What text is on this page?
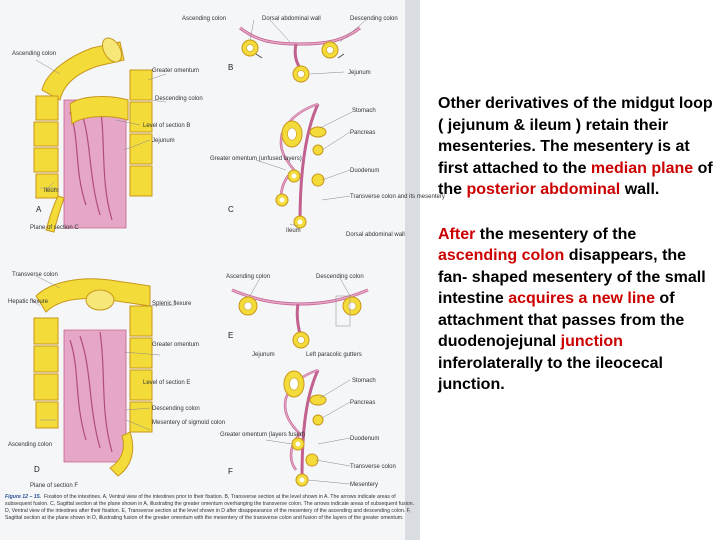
Ascending colon	Dorsal abdominal wall	Descending colon
Ascending colon
Greater omentum
Descending colon
Level of section B
Jejunum
Ileum
Plane of section C
Jejunum
Stomach
Pancreas
Greater omentum (unfused layers)
Duodenum
Transverse colon and its mesentery
Ileum
Dorsal abdominal wall
Transverse colon
Hepatic flexure	Splenic flexure
Greater omentum
Level of section E
Descending colon
Ascending colon
Mesentery of sigmoid colon
Plane of section F
Ascending colon	Descending colon
Jejunum	Left paracolic gutters
Stomach
Pancreas
Greater omentum (layers fused)
Duodenum
Transverse colon
Mesentery
A
B
C
D
E
F
Figure 12 – 15. Fixation of the intestines. A, Ventral view of the intestines prior to their fixation. B, Transverse section at the level shown in A. The arrows indicate areas of subsequent fusion. C, Sagittal section at the plane shown in A, illustrating the greater omentum overhanging the transverse colon. The arrows indicate areas of subsequent fusion. D, Ventral view of the intestines after their fixation. E, Transverse section at the level shown in D after disappearance of the mesentery of the ascending and descending colon. F, Sagittal section at the plane shown in D, illustrating fusion of the greater omentum with the mesentery of the transverse colon and fusion of the layers of the greater omentum.

Other derivatives of the midgut loop ( jejunum & ileum ) retain their mesenteries. The mesentery is at first attached to the median plane of the posterior abdominal wall.

After the mesentery of the ascending colon disappears, the fan- shaped mesentery of the small intestine acquires a new line of attachment that passes from the duodenojejunal junction inferolaterally to the ileocecal junction.
